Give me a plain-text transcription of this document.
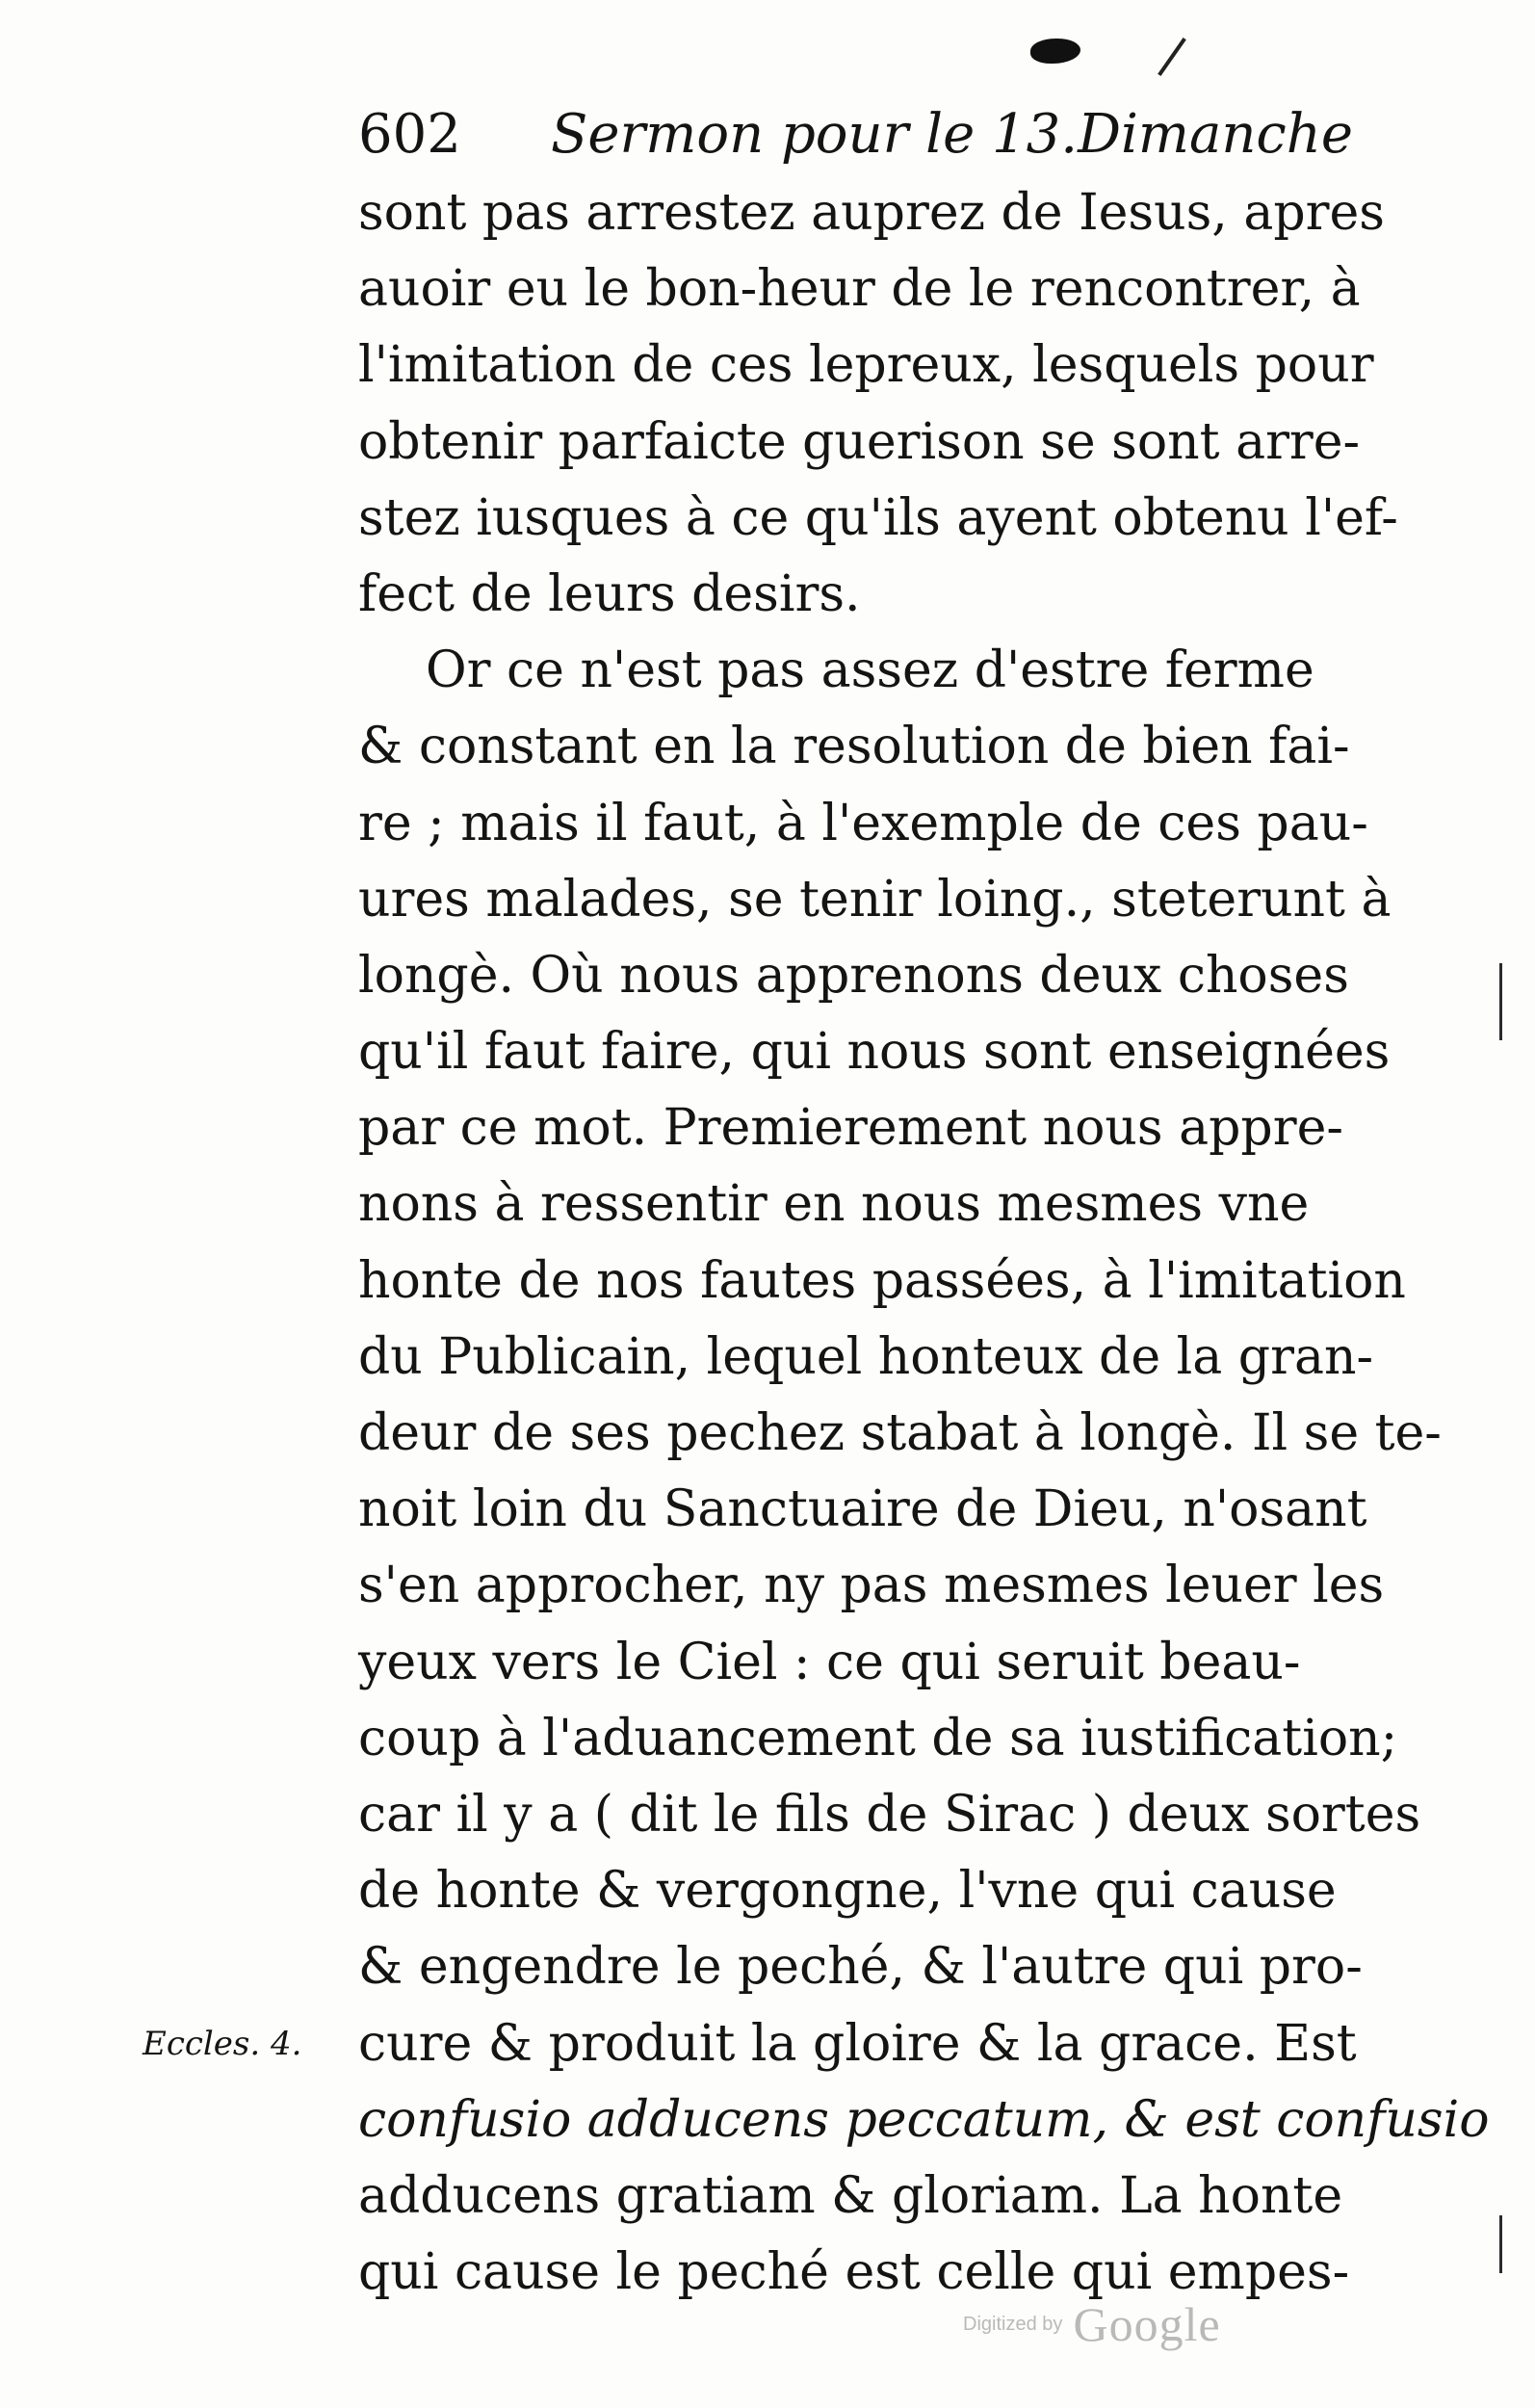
602 Sermon pour le 13.Dimanche
sont pas arrestez auprez de Iesus, apres
auoir eu le bon-heur de le rencontrer, à
l'imitation de ces lepreux, lesquels pour
obtenir parfaicte guerison se sont arre-
stez iusques à ce qu'ils ayent obtenu l'ef-
fect de leurs desirs.
Or ce n'est pas assez d'estre ferme
& constant en la resolution de bien fai-
re ; mais il faut, à l'exemple de ces pau-
ures malades, se tenir loing., steterunt à
longè. Où nous apprenons deux choses
qu'il faut faire, qui nous sont enseignées
par ce mot. Premierement nous appre-
nons à ressentir en nous mesmes vne
honte de nos fautes passées, à l'imitation
du Publicain, lequel honteux de la gran-
deur de ses pechez stabat à longè. Il se te-
noit loin du Sanctuaire de Dieu, n'osant
s'en approcher, ny pas mesmes leuer les
yeux vers le Ciel : ce qui seruit beau-
coup à l'aduancement de sa iustification;
car il y a ( dit le fils de Sirac ) deux sortes
de honte & vergongne, l'vne qui cause
& engendre le peché, & l'autre qui pro-
cure & produit la gloire & la grace. Est
confusio adducens peccatum, & est confusio
adducens gratiam & gloriam. La honte
qui cause le peché est celle qui empes-
Eccles. 4.
Digitized by Google
